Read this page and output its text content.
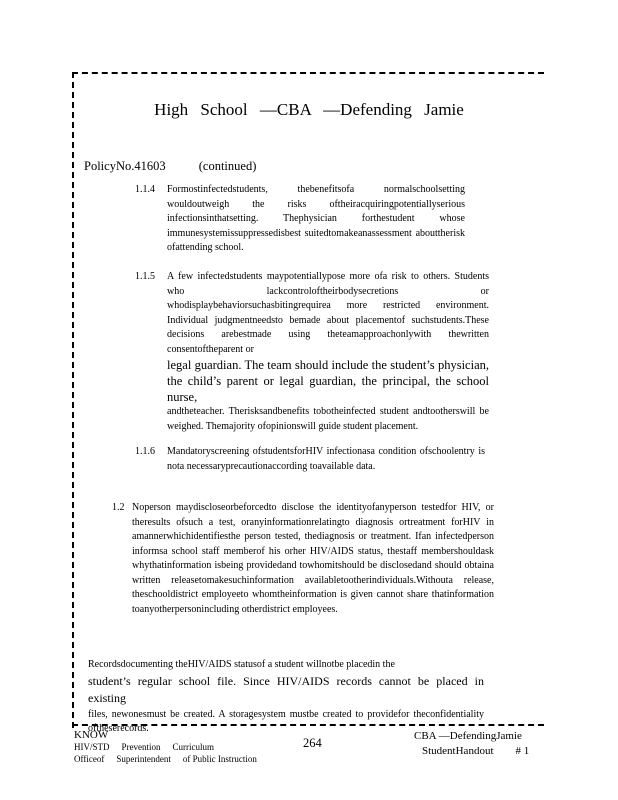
High School —CBA —Defending Jamie
PolicyNo.41603	(continued)
1.1.4 Formostinfectedstudents, thebenefitsofa normalschoolsetting wouldoutweigh the risks oftheiracquiringpotentiallyserious infectionsinthatsetting. Thephysician forthestudent whose immunesystemissuppressedisbest suitedtomakeanassessment abouttherisk ofattending school.

1.1.5 A few infectedstudents maypotentiallypose more ofa risk to others. Students who lackcontroloftheirbodysecretions or whodisplaybehaviorsuchasbitingrequirea more restricted environment. Individual judgmentneedsto bemade about placementof suchstudents.These decisions arebestmade using theteamapproachonlywith thewritten consentoftheparent or

legal guardian. The team should include the student’s physician, the child’s parent or legal guardian, the principal, the school nurse,

andtheteacher. Therisksandbenefits tobotheinfected student andtootherswill be weighed. Themajority ofopinionswill guide student placement.

1.1.6 Mandatoryscreening ofstudentsforHIV infectionasa condition ofschoolentry is nota necessaryprecautionaccording toavailable data.

1.2 Noperson maydiscloseorbeforcedto disclose the identityofanyperson testedfor HIV, or theresults ofsuch a test, oranyinformationrelatingto diagnosis ortreatment forHIV in amannerwhichidentifiesthe person tested, thediagnosis or treatment. Ifan infectedperson informsa school staff memberof his orher HIV/AIDS status, thestaff membershouldask whythatinformation isbeing providedand towhomitshould be disclosedand should obtaina written releasetomakesuchinformation availabletootherindividuals.Withouta release, theschooldistrict employeeto whomtheinformation is given cannot share thatinformation toanyotherpersonincluding otherdistrict employees.

Recordsdocumenting theHIV/AIDS statusof a student willnotbe placedin the
student’s regular school file. Since HIV/AIDS records cannot be placed in existing
files, newonesmust be created. A storagesystem mustbe created to providefor theconfidentiality oftheserecords.
KNOW
HIV/STD Prevention Curriculum
Officeof Superintendent of Public Instruction
264	CBA —DefendingJamie
StudentHandout # 1
